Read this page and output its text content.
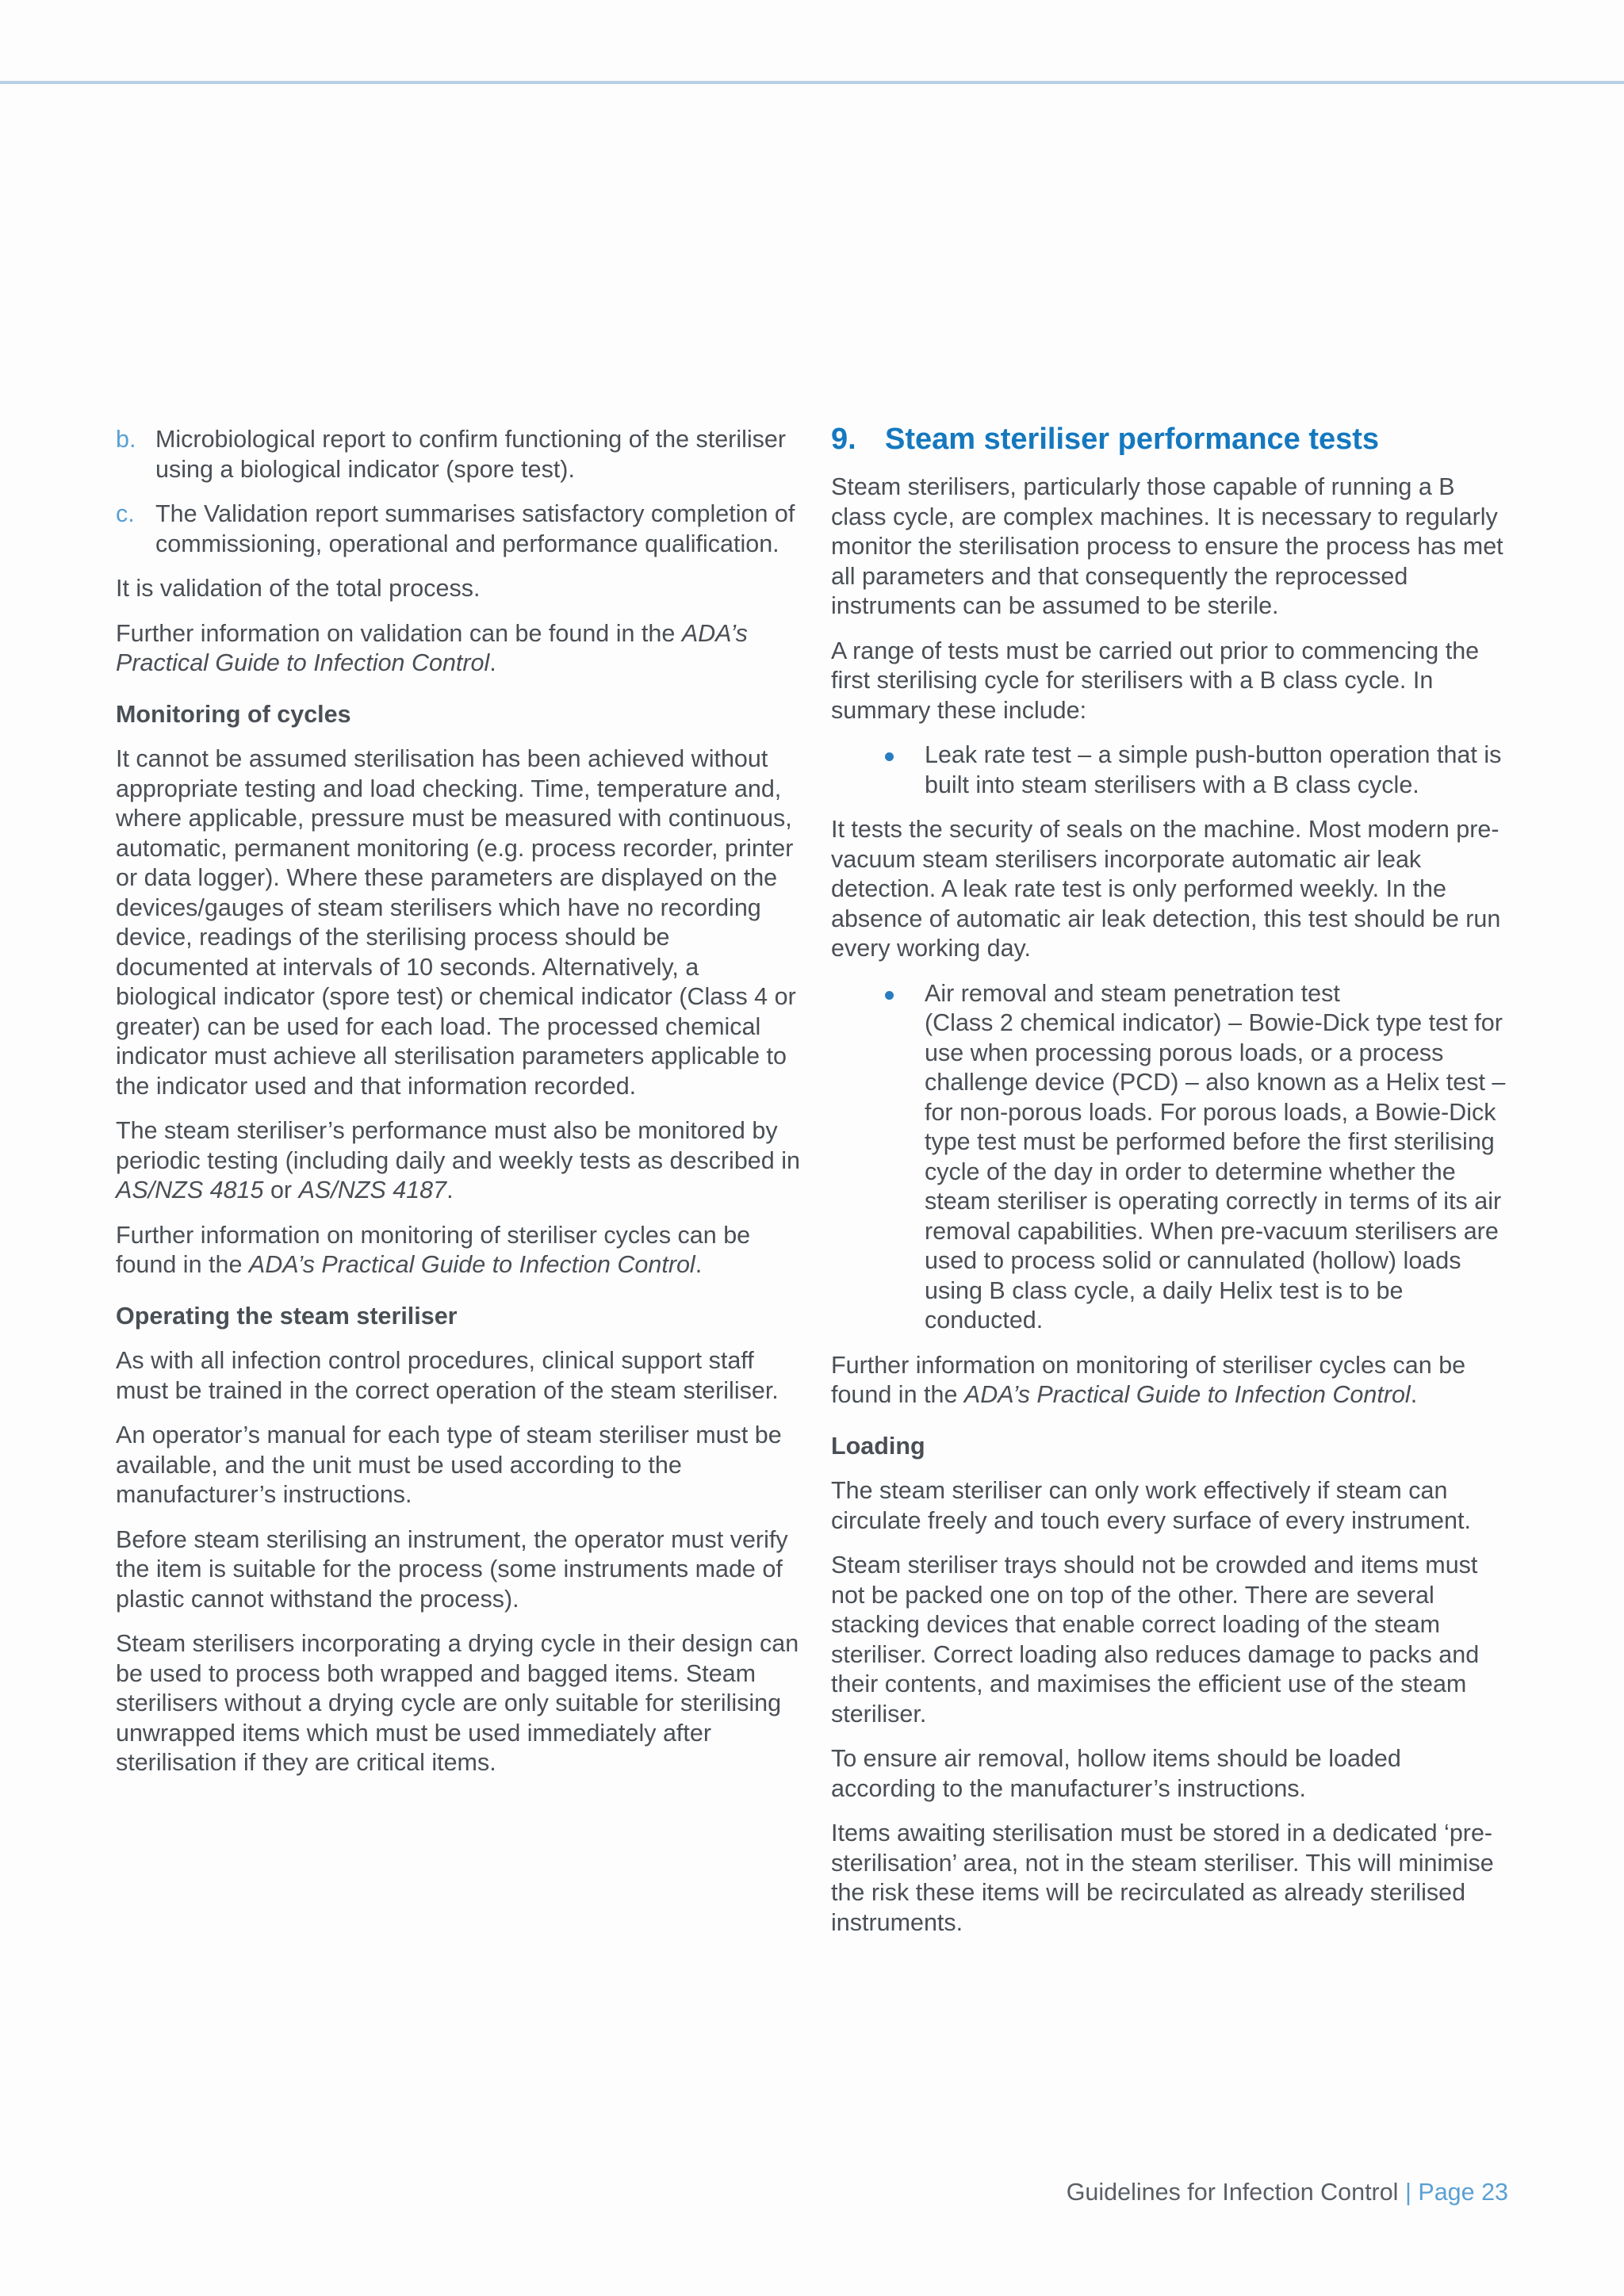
b. Microbiological report to confirm functioning of the steriliser using a biological indicator (spore test).
c. The Validation report summarises satisfactory completion of commissioning, operational and performance qualification.

It is validation of the total process.

Further information on validation can be found in the ADA’s Practical Guide to Infection Control.

Monitoring of cycles

It cannot be assumed sterilisation has been achieved without appropriate testing and load checking. Time, temperature and, where applicable, pressure must be measured with continuous, automatic, permanent monitoring (e.g. process recorder, printer or data logger). Where these parameters are displayed on the devices/gauges of steam sterilisers which have no recording device, readings of the sterilising process should be documented at intervals of 10 seconds. Alternatively, a biological indicator (spore test) or chemical indicator (Class 4 or greater) can be used for each load. The processed chemical indicator must achieve all sterilisation parameters applicable to the indicator used and that information recorded.

The steam steriliser’s performance must also be monitored by periodic testing (including daily and weekly tests as described in AS/NZS 4815 or AS/NZS 4187.

Further information on monitoring of steriliser cycles can be found in the ADA’s Practical Guide to Infection Control.

Operating the steam steriliser

As with all infection control procedures, clinical support staff must be trained in the correct operation of the steam steriliser.

An operator’s manual for each type of steam steriliser must be available, and the unit must be used according to the manufacturer’s instructions.

Before steam sterilising an instrument, the operator must verify the item is suitable for the process (some instruments made of plastic cannot withstand the process).

Steam sterilisers incorporating a drying cycle in their design can be used to process both wrapped and bagged items. Steam sterilisers without a drying cycle are only suitable for sterilising unwrapped items which must be used immediately after sterilisation if they are critical items.

9. Steam steriliser performance tests

Steam sterilisers, particularly those capable of running a B class cycle, are complex machines. It is necessary to regularly monitor the sterilisation process to ensure the process has met all parameters and that consequently the reprocessed instruments can be assumed to be sterile.

A range of tests must be carried out prior to commencing the first sterilising cycle for sterilisers with a B class cycle. In summary these include:

Leak rate test – a simple push-button operation that is built into steam sterilisers with a B class cycle.

It tests the security of seals on the machine. Most modern pre-vacuum steam sterilisers incorporate automatic air leak detection. A leak rate test is only performed weekly. In the absence of automatic air leak detection, this test should be run every working day.

Air removal and steam penetration test
(Class 2 chemical indicator) – Bowie-Dick type test for use when processing porous loads, or a process challenge device (PCD) – also known as a Helix test – for non-porous loads. For porous loads, a Bowie-Dick type test must be performed before the first sterilising cycle of the day in order to determine whether the steam steriliser is operating correctly in terms of its air removal capabilities. When pre-vacuum sterilisers are used to process solid or cannulated (hollow) loads using B class cycle, a daily Helix test is to be conducted.

Further information on monitoring of steriliser cycles can be found in the ADA’s Practical Guide to Infection Control.

Loading

The steam steriliser can only work effectively if steam can circulate freely and touch every surface of every instrument.

Steam steriliser trays should not be crowded and items must not be packed one on top of the other. There are several stacking devices that enable correct loading of the steam steriliser. Correct loading also reduces damage to packs and their contents, and maximises the efficient use of the steam steriliser.

To ensure air removal, hollow items should be loaded according to the manufacturer’s instructions.

Items awaiting sterilisation must be stored in a dedicated ‘pre-sterilisation’ area, not in the steam steriliser. This will minimise the risk these items will be recirculated as already sterilised instruments.

Guidelines for Infection Control | Page 23
